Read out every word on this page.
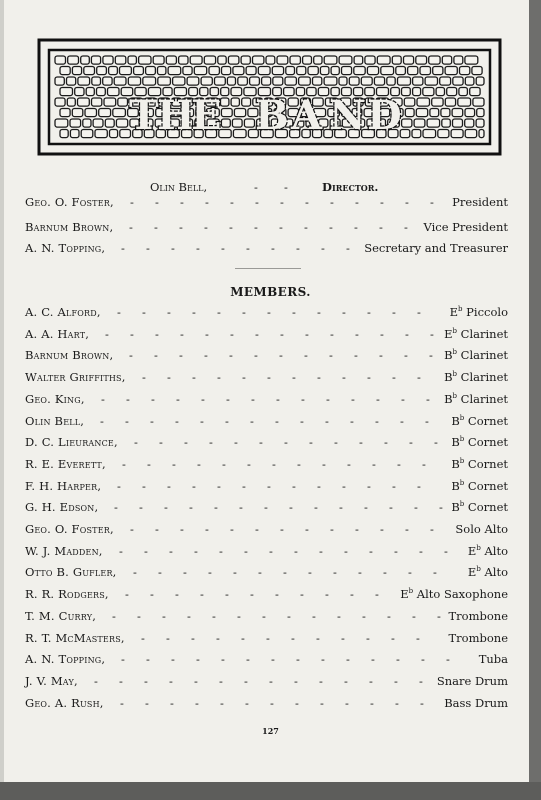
T
H
E B A N D
Olin Bell,	- -	Director.
Geo. O. Foster, - - - - - - - - - - - - - President
Barnum Brown, - - - - - - - - - - - - Vice President
A. N. Topping, - - - - - - - - - - Secretary and Treasurer
MEMBERS.
A. C. Alford, - - - - - - - - - - - - - $E^b$ Piccolo
A. A. Hart, - - - - - - - - - - - - - - $E^b$ Clarinet
Barnum Brown, - - - - - - - - - - - - - $B^b$ Clarinet
Walter Griffiths, - - - - - - - - - - - - $B^b$ Clarinet
Geo. King, - - - - - - - - - - - - - - $B^b$ Clarinet
Olin Bell, - - - - - - - - - - - - - - $B^b$ Cornet
D. C. Lieurance, - - - - - - - - - - - - - $B^b$ Cornet
R. E. Everett, - - - - - - - - - - - - - $B^b$ Cornet
F. H. Harper, - - - - - - - - - - - - -	$B^b$ Cornet
G. H. Edson, - - - - - - - - - - - - - - $B^b$ Cornet
Geo. O. Foster, - - - - - - - - - - - - - Solo Alto
W. J. Madden, - - - - - - - - - - - - - - $E^b$ Alto
Otto B. Gufler, - - - - - - - - - - - - -	$E^b$ Alto
R. R. Rodgers, - - - - - - - - - - - $E^b$ Alto Saxophone
T. M. Curry, - - - - - - - - - - - - - - Trombone
R. T. McMasters, - - - - - - - - - - - - Trombone
A. N. Topping, - - - - - - - - - - - - - -	Tuba
J. V. May, - - - - - - - - - - - - - - Snare Drum
Geo. A. Rush, - - - - - - - - - - - - - Bass Drum
127
